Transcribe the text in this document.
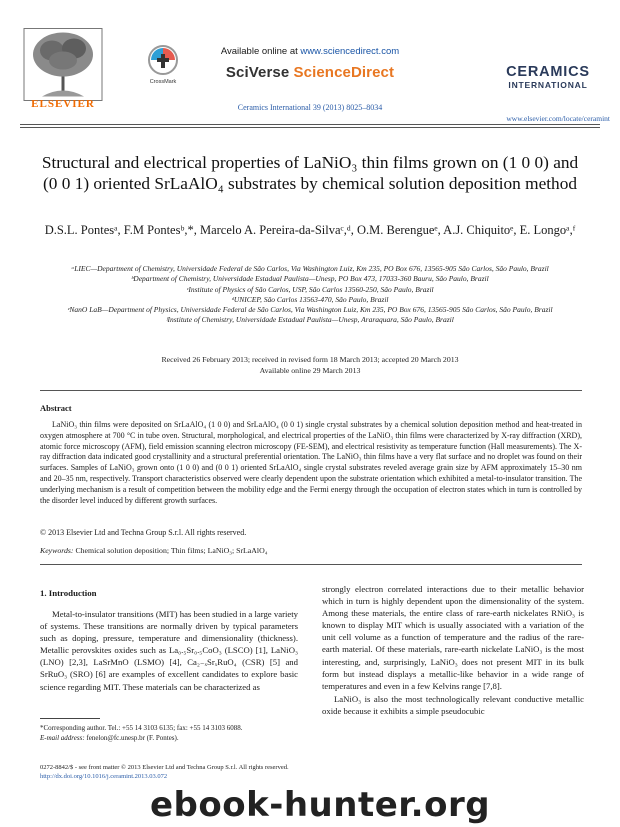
ELSEVIER
CrossMark
Available online at www.sciencedirect.com
SciVerse ScienceDirect
Ceramics International 39 (2013) 8025–8034
CERAMICS
INTERNATIONAL
www.elsevier.com/locate/ceramint
Structural and electrical properties of LaNiO₃ thin films grown on (1 0 0) and (0 0 1) oriented SrLaAlO₄ substrates by chemical solution deposition method
D.S.L. Pontesᵃ, F.M Pontesᵇ,*, Marcelo A. Pereira-da-Silvaᶜ,ᵈ, O.M. Berengueᵉ, A.J. Chiquitoᵉ, E. Longoᵃ,ᶠ
ᵃLIEC—Department of Chemistry, Universidade Federal de São Carlos, Via Washington Luiz, Km 235, PO Box 676, 13565-905 São Carlos, São Paulo, Brazil
ᵇDepartment of Chemistry, Universidade Estadual Paulista—Unesp, PO Box 473, 17033-360 Bauru, São Paulo, Brazil
ᶜInstitute of Physics of São Carlos, USP, São Carlos 13560-250, São Paulo, Brazil
ᵈUNICEP, São Carlos 13563-470, São Paulo, Brazil
ᵉNanO LaB—Department of Physics, Universidade Federal de São Carlos, Via Washington Luiz, Km 235, PO Box 676, 13565-905 São Carlos, São Paulo, Brazil
ᶠInstitute of Chemistry, Universidade Estadual Paulista—Unesp, Araraquara, São Paulo, Brazil
Received 26 February 2013; received in revised form 18 March 2013; accepted 20 March 2013
Available online 29 March 2013
Abstract
LaNiO₃ thin films were deposited on SrLaAlO₄ (1 0 0) and SrLaAlO₄ (0 0 1) single crystal substrates by a chemical solution deposition method and heat-treated in oxygen atmosphere at 700 °C in tube oven. Structural, morphological, and electrical properties of the LaNiO₃ thin films were characterized by X-ray diffraction (XRD), atomic force microscopy (AFM), field emission scanning electron microscopy (FE-SEM), and electrical resistivity as temperature function (Hall measurements). The X-ray diffraction data indicated good crystallinity and a structural preferential orientation. The LaNiO₃ thin films have a very flat surface and no droplet was found on their surfaces. Samples of LaNiO₃ grown onto (1 0 0) and (0 0 1) oriented SrLaAlO₄ single crystal substrates reveled average grain size by AFM approximately 15–30 nm and 20–35 nm, respectively. Transport characteristics observed were clearly dependent upon the substrate orientation which exhibited a metal-to-insulator transition. The underlying mechanism is a result of competition between the mobility edge and the Fermi energy through the occupation of electron states which in turn is controlled by the disorder level induced by different growth surfaces.
© 2013 Elsevier Ltd and Techna Group S.r.l. All rights reserved.
Keywords: Chemical solution deposition; Thin films; LaNiO₃; SrLaAlO₄
1. Introduction
Metal-to-insulator transitions (MIT) has been studied in a large variety of systems. These transitions are normally driven by typical parameters such as doping, pressure, temperature and dimensionality (thickness). Metallic perovskites oxides such as La₀.₅Sr₀.₅CoO₃ (LSCO) [1], LaNiO₃ (LNO) [2,3], LaSrMnO (LSMO) [4], Ca₂₋ₓSrₓRuO₄ (CSR) [5] and SrRuO₃ (SRO) [6] are examples of excellent candidates to explore basic science regarding MIT. These materials can be characterized as
strongly electron correlated interactions due to their metallic behavior which in turn is highly dependent upon the dimensionality of the system. Among these materials, the entire class of rare-earth nickelates RNiO₃ is known to display MIT which is usually associated with a variation of the unit cell volume as a function of temperature and the radius of the rare-earth material. Of these materials, rare-earth nickelate LaNiO₃ is the most interesting, and, surprisingly, LaNiO₃ does not present MIT in its bulk form but instead displays a metallic-like behavior in a wide range of temperatures and even in a few Kelvins range [7,8].
LaNiO₃ is also the most technologically relevant conductive metallic oxide because it exhibits a simple pseudocubic
*Corresponding author. Tel.: +55 14 3103 6135; fax: +55 14 3103 6088.
E-mail address: fenelon@fc.unesp.br (F. Pontes).
0272-8842/$ - see front matter © 2013 Elsevier Ltd and Techna Group S.r.l. All rights reserved.
http://dx.doi.org/10.1016/j.ceramint.2013.03.072
ebook-hunter.org
